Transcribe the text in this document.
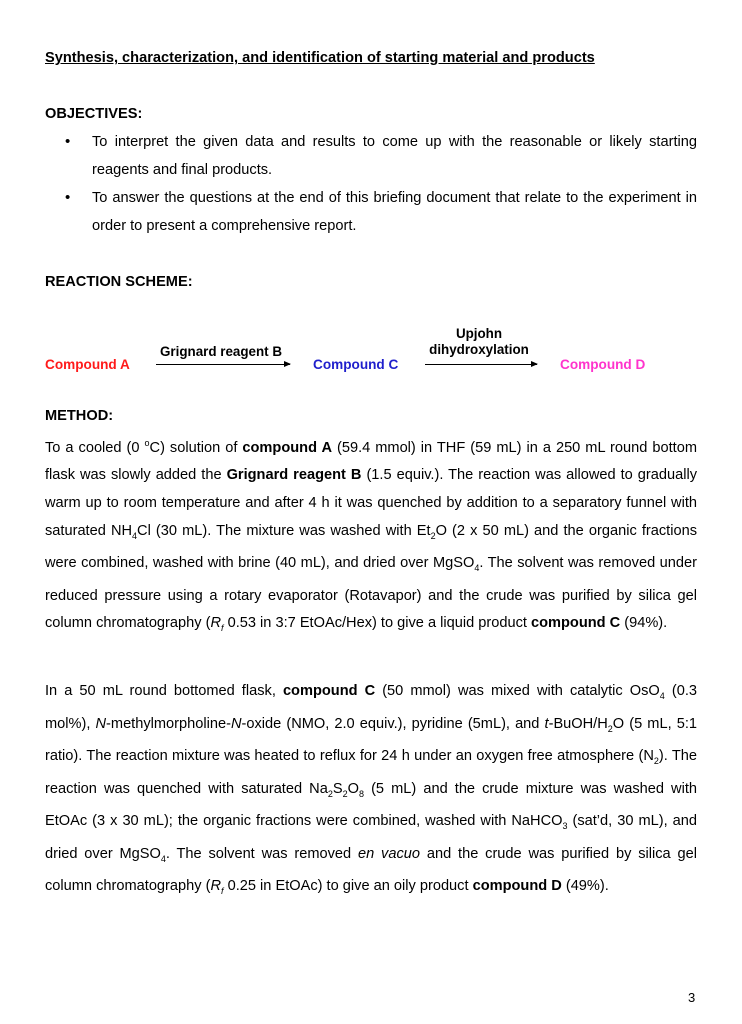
Synthesis, characterization, and identification of starting material and products
OBJECTIVES:
• To interpret the given data and results to come up with the reasonable or likely starting reagents and final products.
• To answer the questions at the end of this briefing document that relate to the experiment in order to present a comprehensive report.
REACTION SCHEME:
Compound A
Grignard reagent B
Compound C
Upjohn
dihydroxylation
Compound D
METHOD:

To a cooled (0 $^o$C) solution of compound A (59.4 mmol) in THF (59 mL) in a 250 mL round bottom flask was slowly added the Grignard reagent B (1.5 equiv.). The reaction was allowed to gradually warm up to room temperature and after 4 h it was quenched by addition to a separatory funnel with saturated $NH_4Cl$ (30 mL). The mixture was washed with $Et_2O$ (2 x 50 mL) and the organic fractions were combined, washed with brine (40 mL), and dried over MgSO$_4$. The solvent was removed under reduced pressure using a rotary evaporator (Rotavapor) and the crude was purified by silica gel column chromatography ($R_f$ 0.53 in 3:7 EtOAc/Hex) to give a liquid product compound C (94%).

In a 50 mL round bottomed flask, compound C (50 mmol) was mixed with catalytic OsO$_4$ (0.3 mol%), N-methylmorpholine-N-oxide (NMO, 2.0 equiv.), pyridine (5mL), and $t-BuOH/H_2O$ (5 mL, 5:1 ratio). The reaction mixture was heated to reflux for 24 h under an oxygen free atmosphere $(N_2)$. The reaction was quenched with saturated $Na_2S_2O_8$ (5 mL) and the crude mixture was washed with EtOAc (3 x 30 mL); the organic fractions were combined, washed with NaHCO$_3$ (sat’d, 30 mL), and dried over MgSO$_4$. The solvent was removed en vacuo and the crude was purified by silica gel column chromatography ($R_f$ 0.25 in EtOAc) to give an oily product compound D (49%).

3
